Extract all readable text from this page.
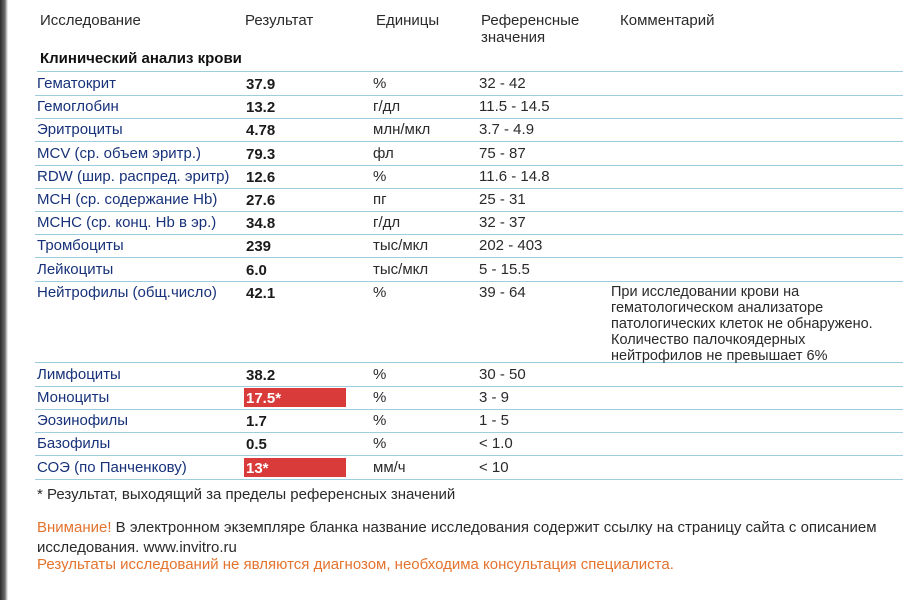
Исследование	Результат	Единицы	Референсные
значения
Комментарий
Клинический анализ крови
Гематокрит	37.9	%	32 - 42
Гемоглобин	13.2	г/дл	11.5 - 14.5
Эритроциты	4.78	млн/мкл	3.7 - 4.9
MCV (ср. объем эритр.)	79.3	фл	75 - 87
RDW (шир. распред. эритр) 12.6	%	11.6 - 14.8
MCH (ср. содержание Hb) 27.6	пг	25 - 31
MCHC (ср. конц. Hb в эр.) 34.8	г/дл	32 - 37
Тромбоциты	239	тыс/мкл	202 - 403
Лейкоциты	6.0	тыс/мкл	5 - 15.5
Нейтрофилы (общ.число) 42.1	%	39 - 64	При исследовании крови на
гематологическом анализаторе
патологических клеток не обнаружено.
Количество палочкоядерных
нейтрофилов не превышает 6%
Лимфоциты	38.2	%	30 - 50
Моноциты	17.5*	%	3 - 9
Эозинофилы	1.7	%	1 - 5
Базофилы	0.5	%	< 1.0
СОЭ (по Панченкову)	13*	мм/ч	< 10
* Результат, выходящий за пределы референсных значений
Внимание! В электронном экземпляре бланка название исследования содержит ссылку на страницу сайта с описанием исследования. www.invitro.ru
Результаты исследований не являются диагнозом, необходима консультация специалиста.
